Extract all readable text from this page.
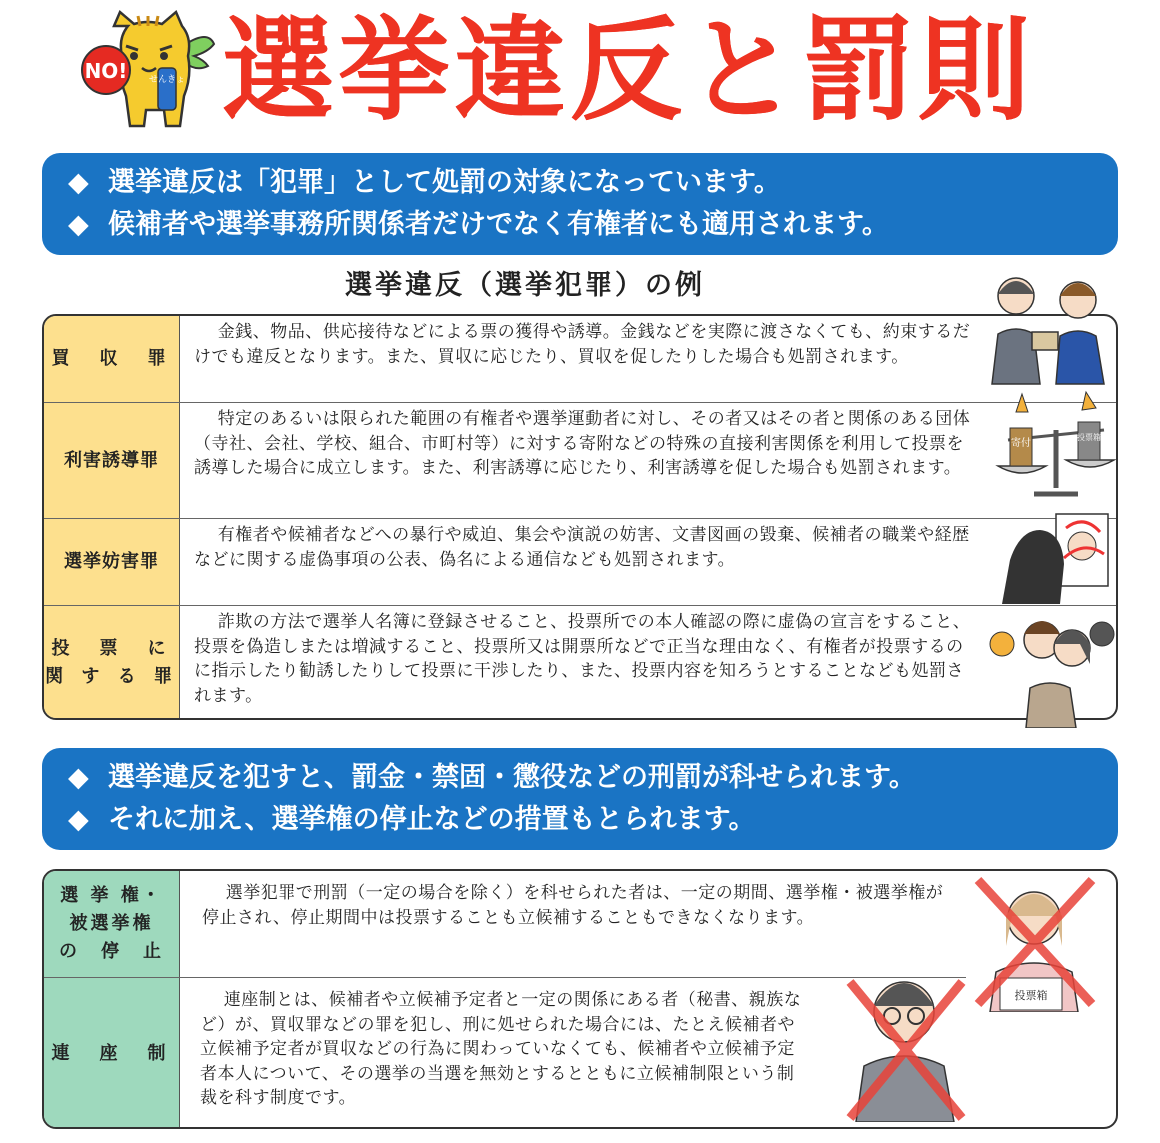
せんきょ
NO! 選挙違反と罰則
◆ 選挙違反は「犯罪」として処罰の対象になっています。
◆ 候補者や選挙事務所関係者だけでなく有権者にも適用されます。
選挙違反（選挙犯罪）の例
買　収　罪
金銭、物品、供応接待などによる票の獲得や誘導。金銭などを実際に渡さなくても、約束するだけでも違反となります。また、買収に応じたり、買収を促したりした場合も処罰されます。
利害誘導罪
特定のあるいは限られた範囲の有権者や選挙運動者に対し、その者又はその者と関係のある団体（寺社、会社、学校、組合、市町村等）に対する寄附などの特殊の直接利害関係を利用して投票を誘導した場合に成立します。また、利害誘導に応じたり、利害誘導を促した場合も処罰されます。
選挙妨害罪
有権者や候補者などへの暴行や威迫、集会や演説の妨害、文書図画の毀棄、候補者の職業や経歴などに関する虚偽事項の公表、偽名による通信なども処罰されます。
投　票　に
関 す る 罪
詐欺の方法で選挙人名簿に登録させること、投票所での本人確認の際に虚偽の宣言をすること、投票を偽造しまたは増減すること、投票所又は開票所などで正当な理由なく、有権者が投票するのに指示したり勧誘したりして投票に干渉したり、また、投票内容を知ろうとすることなども処罰されます。
寄付
投票箱
◆ 選挙違反を犯すと、罰金・禁固・懲役などの刑罰が科せられます。
◆ それに加え、選挙権の停止などの措置もとられます。
選 挙 権・
被選挙権
の　停　止
選挙犯罪で刑罰（一定の場合を除く）を科せられた者は、一定の期間、選挙権・被選挙権が停止され、停止期間中は投票することも立候補することもできなくなります。
連　座　制
連座制とは、候補者や立候補予定者と一定の関係にある者（秘書、親族など）が、買収罪などの罪を犯し、刑に処せられた場合には、たとえ候補者や立候補予定者が買収などの行為に関わっていなくても、候補者や立候補予定者本人について、その選挙の当選を無効とするとともに立候補制限という制裁を科す制度です。
投票箱
